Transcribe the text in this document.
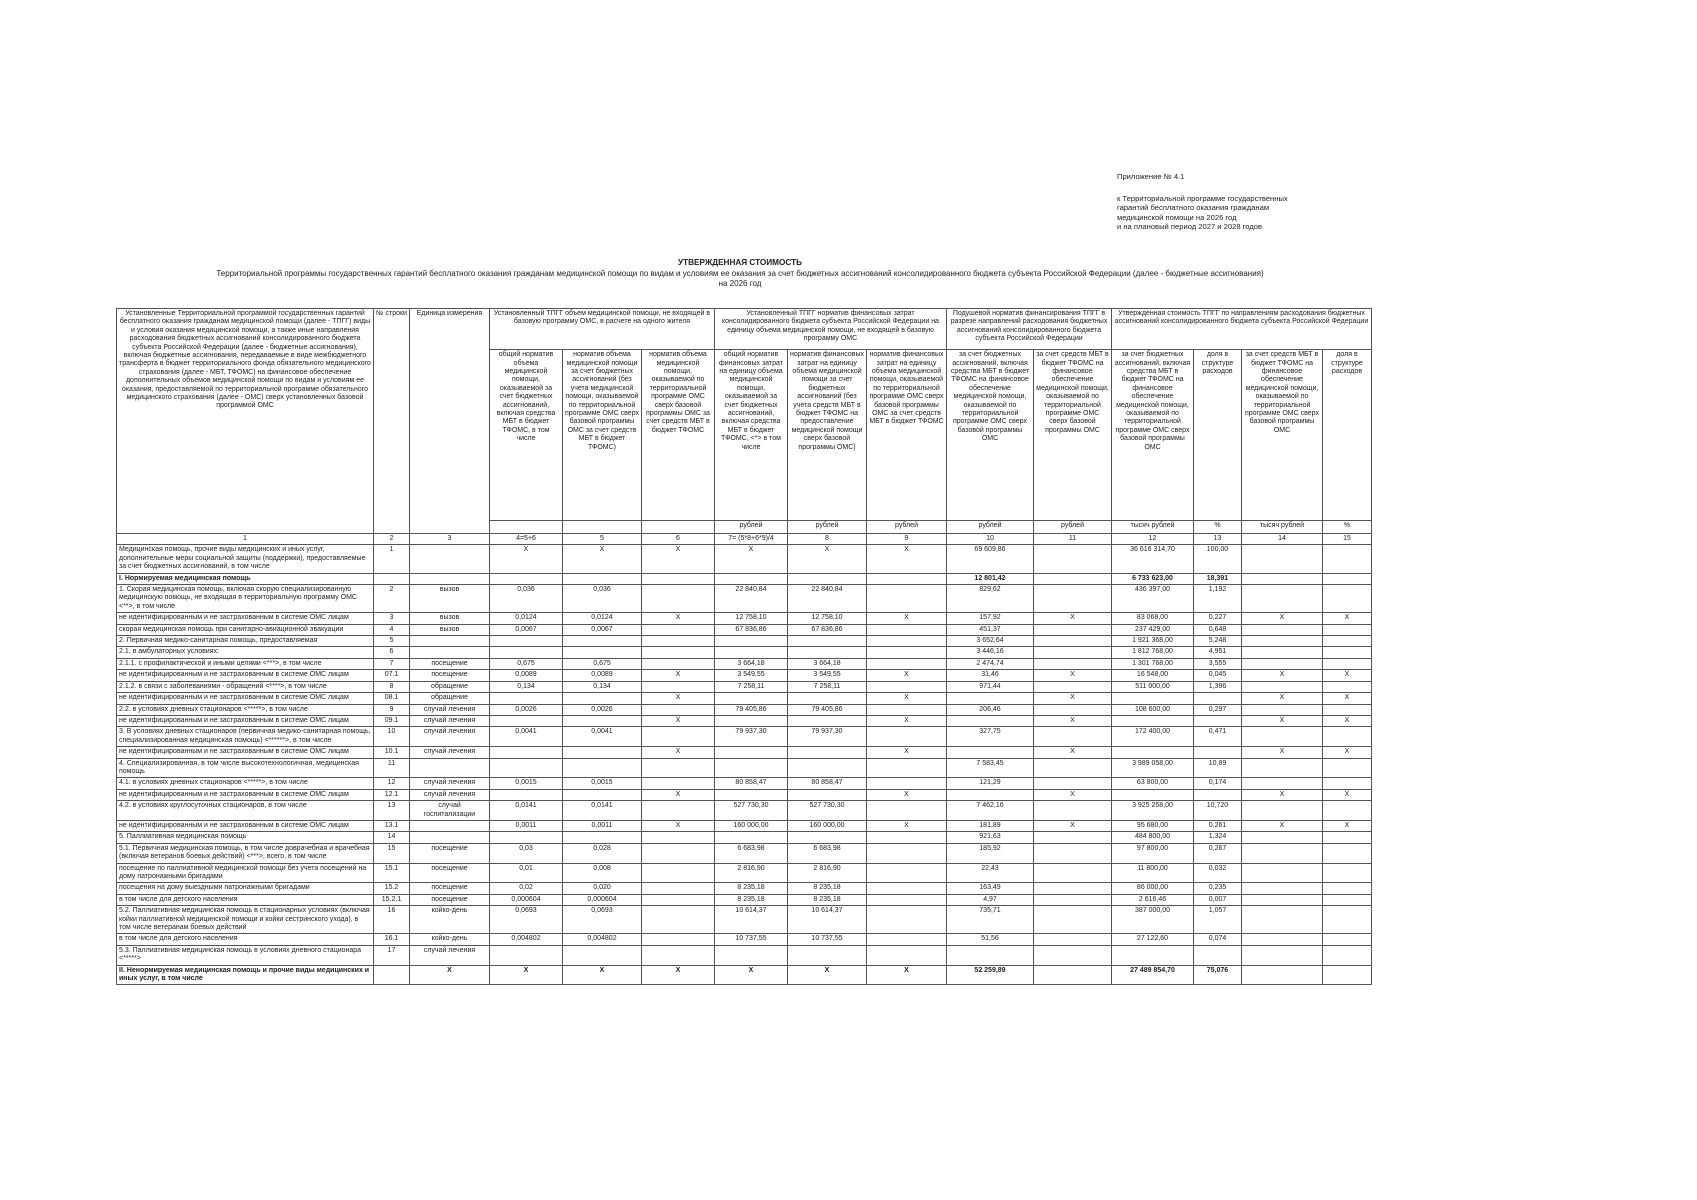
Приложение № 4.1
к Территориальной программе государственных
гарантий бесплатного оказания гражданам
медицинской помощи на 2026 год
и на плановый период 2027 и 2028 годов
УТВЕРЖДЕННАЯ СТОИМОСТЬ
Территориальной программы государственных гарантий бесплатного оказания гражданам медицинской помощи по видам и условиям ее оказания за счет бюджетных ассигнований консолидированного бюджета субъекта Российской Федерации (далее - бюджетные ассигнования)
на 2026 год
Установленные Территориальной программой государственных гарантий бесплатного оказания гражданам медицинской помощи (далее - ТПГГ) виды и условия оказания медицинской помощи, а также иные направления расходования бюджетных ассигнований консолидированного бюджета субъекта Российской Федерации (далее - бюджетные ассигнования), включая бюджетные ассигнования, передаваемые в виде межбюджетного трансферта в бюджет территориального фонда обязательного медицинского страхования (далее - МБТ, ТФОМС) на финансовое обеспечение дополнительных объемов медицинской помощи по видам и условиям ее оказания, предоставляемой по территориальной программе обязательного медицинского страхования (далее - ОМС) сверх установленных базовой программой ОМС	№ строки	Единица измерения	Установленный ТПГГ объем медицинской помощи, не входящей в базовую программу ОМС, в расчете на одного жителя			Установленный ТПГГ норматив финансовых затрат консолидированного бюджета субъекта Российской Федерации на единицу объема медицинской помощи, не входящей в базовую программу ОМС			Подушевой норматив финансирования ТПГГ в разрезе направлений расходования бюджетных ассигнований консолидированного бюджета субъекта Российской Федерации		Утвержденная стоимость ТПГГ по направлениям расходования бюджетных ассигнований консолидированного бюджета субъекта Российской Федерации			
			общий норматив объема медицинской помощи, оказываемой за счет бюджетных ассигнований, включая средства МБТ в бюджет ТФОМС, в том числе	норматив объема медицинской помощи за счет бюджетных ассигнований (без учета медицинской помощи, оказываемой по территориальной программе ОМС сверх базовой программы ОМС за счет средств МБТ в бюджет ТФОМС)	норматив объема медицинской помощи, оказываемой по территориальной программе ОМС сверх базовой программы ОМС за счет средств МБТ в бюджет ТФОМС	общий норматив финансовых затрат на единицу объема медицинской помощи, оказываемой за счет бюджетных ассигнований, включая средства МБТ в бюджет ТФОМС, <*> в том числе	норматив финансовых затрат на единицу объема медицинской помощи за счет бюджетных ассигнований (без учета средств МБТ в бюджет ТФОМС на предоставление медицинской помощи сверх базовой программы ОМС)	норматив финансовых затрат на единицу объема медицинской помощи, оказываемой по территориальной программе ОМС сверх базовой программы ОМС за счет средств МБТ в бюджет ТФОМС	за счет бюджетных ассигнований, включая средства МБТ в бюджет ТФОМС на финансовое обеспечение медицинской помощи, оказываемой по территориальной программе ОМС сверх базовой программы ОМС	за счет средств МБТ в бюджет ТФОМС на финансовое обеспечение медицинской помощи, оказываемой по территориальной программе ОМС сверх базовой программы ОМС	за счет бюджетных ассигнований, включая средства МБТ в бюджет ТФОМС на финансовое обеспечение медицинской помощи, оказываемой по территориальной программе ОМС сверх базовой программы ОМС	доля в структуре расходов	за счет средств МБТ в бюджет ТФОМС на финансовое обеспечение медицинской помощи, оказываемой по территориальной программе ОМС сверх базовой программы ОМС	доля в структуре расходов
						рублей	рублей	рублей	рублей	рублей	тысяч рублей	%	тысяч рублей	%
1	2	3	4=5+6	5	6	7= (5*8+6*9)/4	8	9	10	11	12	13	14	15
Медицинская помощь, прочие виды медицинских и иных услуг, дополнительные меры социальной защиты (поддержки), предоставляемые за счет бюджетных ассигнований, в том числе	1		X	X	X	X	X	X	69 609,86		36 616 314,70	100,00		
I. Нормируемая медицинская помощь									12 801,42		6 733 623,00	18,391		
1. Скорая медицинская помощь, включая скорую специализированную медицинскую помощь, не входящая в территориальную программу ОМС <**>, в том числе	2	вызов	0,036	0,036		22 840,84	22 840,84		829,62		436 397,00	1,192		
не идентифицированным и не застрахованным в системе ОМС лицам	3	вызов	0,0124	0,0124	X	12 758,10	12 758,10	X	157,92	X	83 068,00	0,227	X	X
скорая медицинская помощь при санитарно-авиационной эвакуации	4	вызов	0,0067	0,0067		67 836,86	67 836,86		451,37		237 429,00	0,648		
2. Первичная медико-санитарная помощь, предоставляемая	5								3 652,64		1 921 368,00	5,248		
2.1. в амбулаторных условиях:	6								3 446,16		1 812 768,00	4,951		
2.1.1. с профилактической и иными целями <***>, в том числе	7	посещение	0,675	0,675		3 664,18	3 664,18		2 474,74		1 301 768,00	3,555		
не идентифицированным и не застрахованным в системе ОМС лицам	07.1	посещение	0,0089	0,0089	X	3 549,55	3 549,55	X	31,46	X	16 548,00	0,045	X	X
2.1.2. в связи с заболеваниями - обращений <****>, в том числе	8	обращение	0,134	0,134		7 258,11	7 258,11		971,44		511 000,00	1,396		
не идентифицированным и не застрахованным в системе ОМС лицам	08.1	обращение			X			X		X			X	X
2.2. в условиях дневных стационаров <*****>, в том числе	9	случай лечения	0,0026	0,0026		79 405,86	79 405,86		206,46		108 600,00	0,297		
не идентифицированным и не застрахованным в системе ОМС лицам	09.1	случай лечения			X			X		X			X	X
3. В условиях дневных стационаров (первичная медико-санитарная помощь, специализированная медицинская помощь) <******>, в том числе	10	случай лечения	0,0041	0,0041		79 937,30	79 937,30		327,75		172 400,00	0,471		
не идентифицированным и не застрахованным в системе ОМС лицам	10.1	случай лечения			X			X		X			X	X
4. Специализированная, в том числе высокотехнологичная, медицинская помощь	11								7 583,45		3 989 058,00	10,89		
4.1. в условиях дневных стационаров <*****>, в том числе	12	случай лечения	0,0015	0,0015		80 858,47	80 858,47		121,29		63 800,00	0,174		
не идентифицированным и не застрахованным в системе ОМС лицам	12.1	случай лечения			X			X		X			X	X
4.2. в условиях круглосуточных стационаров, в том числе	13	случай госпитализации	0,0141	0,0141		527 730,30	527 730,30		7 462,16		3 925 258,00	10,720		
не идентифицированным и не застрахованным в системе ОМС лицам	13.1		0,0011	0,0011	X	160 000,00	160 000,00	X	181,89	X	95 680,00	0,261	X	X
5. Паллиативная медицинская помощь	14								921,63		484 800,00	1,324		
5.1. Первичная медицинская помощь, в том числе доврачебная и врачебная (включая ветеранов боевых действий) <***>, всего, в том числе	15	посещение	0,03	0,028		6 683,98	6 683,98		185,92		97 800,00	0,267		
посещение по паллиативной медицинской помощи без учета посещений на дому патронажными бригадами	15.1	посещение	0,01	0,008		2 816,90	2 816,90		22,43		11 800,00	0,032		
посещения на дому выездными патронажными бригадами	15.2	посещение	0,02	0,020		8 235,18	8 235,18		163,49		86 000,00	0,235		
в том числе для детского населения	15.2.1	посещение	0,000604	0,000604		8 235,18	8 235,18		4,97		2 616,46	0,007		
5.2. Паллиативная медицинская помощь в стационарных условиях (включая койки паллиативной медицинской помощи и койки сестринского ухода), в том числе ветеранам боевых действий	16	койко-день	0,0693	0,0693		10 614,37	10 614,37		735,71		387 000,00	1,057		
в том числе для детского населения	16.1	койко-день	0,004802	0,004802		10 737,55	10 737,55		51,56		27 122,60	0,074		
5.3. Паллиативная медицинская помощь в условиях дневного стационара <*****>	17	случай лечения												
II. Ненормируемая медицинская помощь и прочие виды медицинских и иных услуг, в том числе		X	X	X	X	X	X	X	52 259,89		27 489 854,70	75,076		
